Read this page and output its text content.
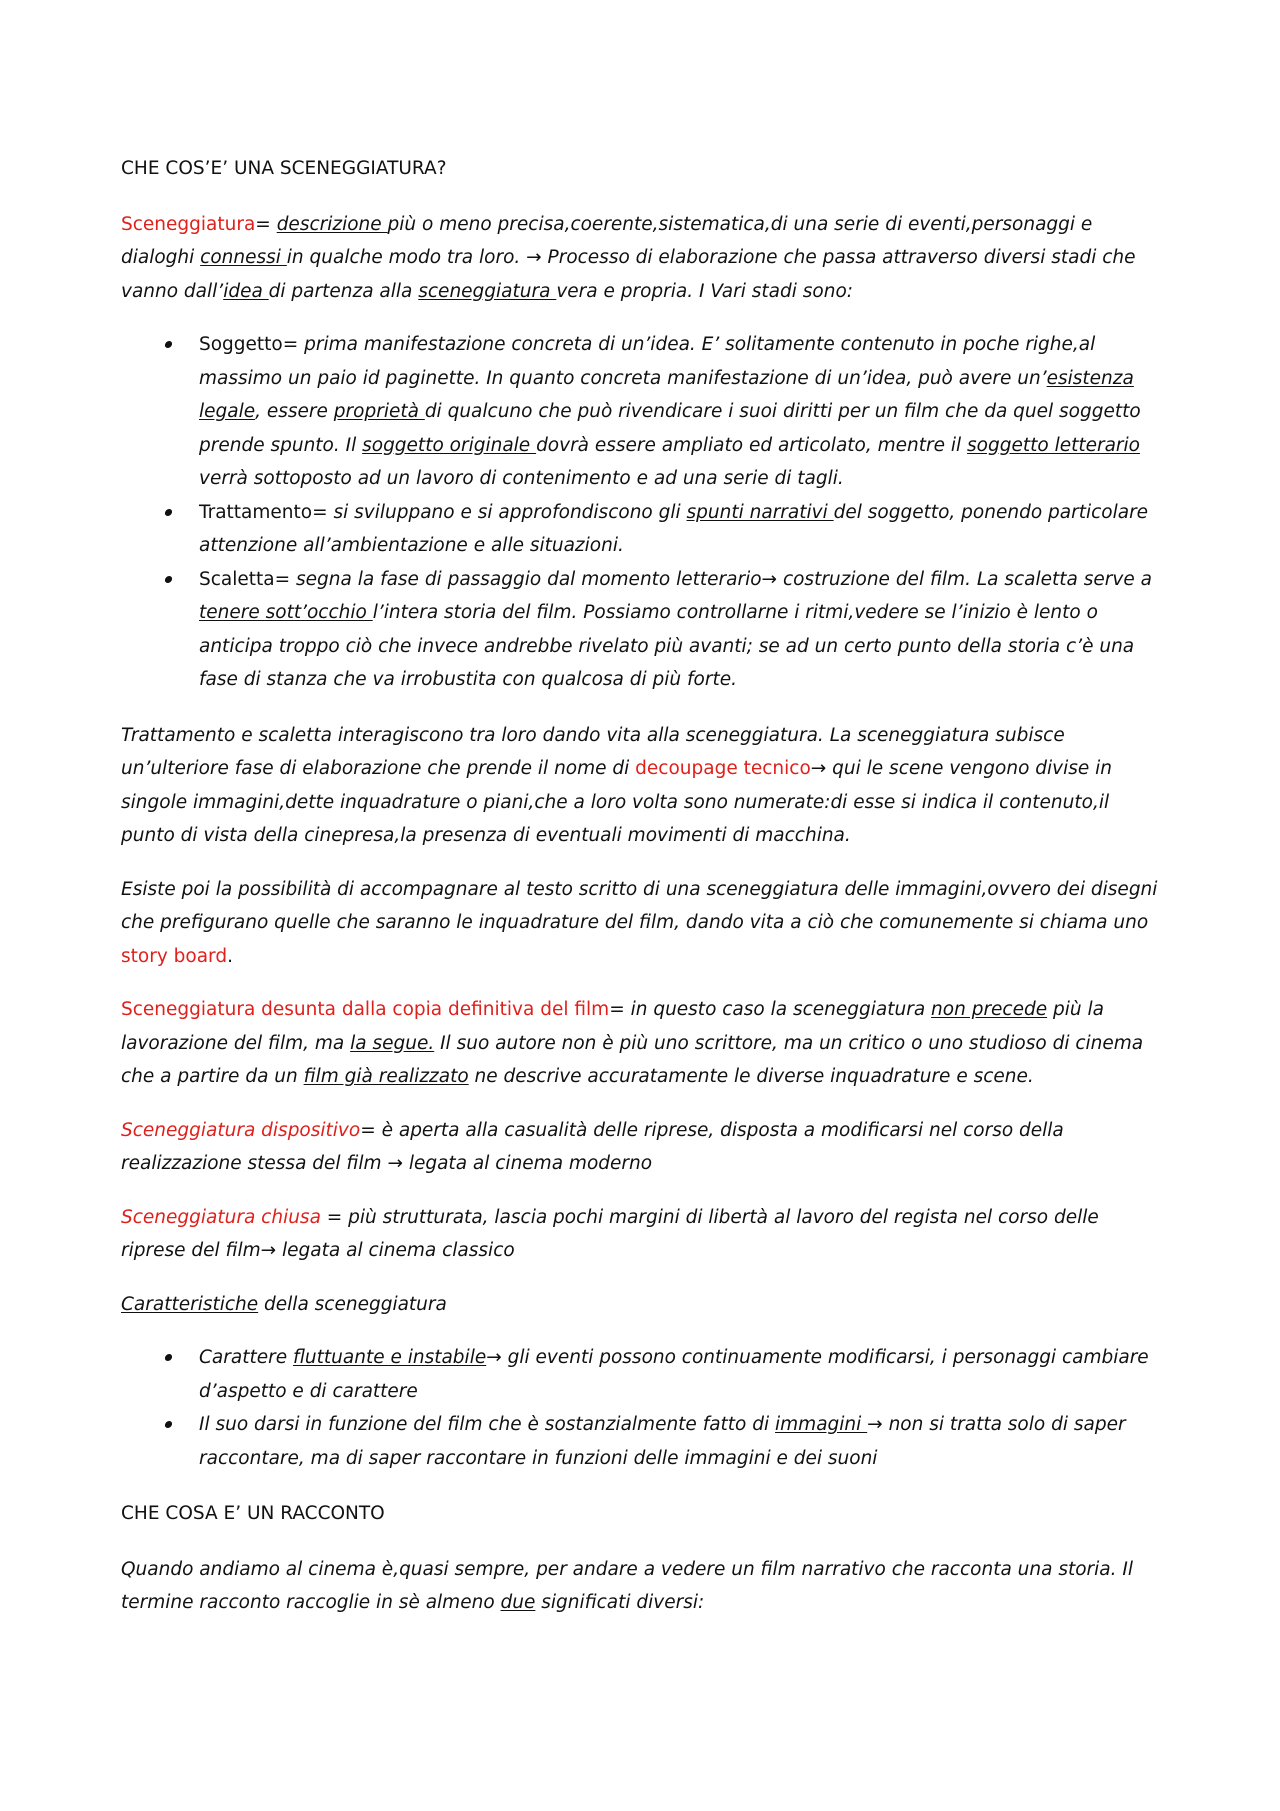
CHE COS’E’ UNA SCENEGGIATURA?

Sceneggiatura= descrizione più o meno precisa,coerente,sistematica,di una serie di eventi,personaggi e dialoghi connessi in qualche modo tra loro. → Processo di elaborazione che passa attraverso diversi stadi che vanno dall’idea di partenza alla sceneggiatura vera e propria. I Vari stadi sono:

Soggetto= prima manifestazione concreta di un’idea. E’ solitamente contenuto in poche righe,al massimo un paio id paginette. In quanto concreta manifestazione di un’idea, può avere un’esistenza legale, essere proprietà di qualcuno che può rivendicare i suoi diritti per un film che da quel soggetto prende spunto. Il soggetto originale dovrà essere ampliato ed articolato, mentre il soggetto letterario verrà sottoposto ad un lavoro di contenimento e ad una serie di tagli.
Trattamento= si sviluppano e si approfondiscono gli spunti narrativi del soggetto, ponendo particolare attenzione all’ambientazione e alle situazioni.
Scaletta= segna la fase di passaggio dal momento letterario→ costruzione del film. La scaletta serve a tenere sott’occhio l’intera storia del film. Possiamo controllarne i ritmi,vedere se l’inizio è lento o anticipa troppo ciò che invece andrebbe rivelato più avanti; se ad un certo punto della storia c’è una fase di stanza che va irrobustita con qualcosa di più forte.

Trattamento e scaletta interagiscono tra loro dando vita alla sceneggiatura. La sceneggiatura subisce un’ulteriore fase di elaborazione che prende il nome di decoupage tecnico→ qui le scene vengono divise in singole immagini,dette inquadrature o piani,che a loro volta sono numerate:di esse si indica il contenuto,il punto di vista della cinepresa,la presenza di eventuali movimenti di macchina.

Esiste poi la possibilità di accompagnare al testo scritto di una sceneggiatura delle immagini,ovvero dei disegni che prefigurano quelle che saranno le inquadrature del film, dando vita a ciò che comunemente si chiama uno story board.

Sceneggiatura desunta dalla copia definitiva del film= in questo caso la sceneggiatura non precede più la lavorazione del film, ma la segue. Il suo autore non è più uno scrittore, ma un critico o uno studioso di cinema che a partire da un film già realizzato ne descrive accuratamente le diverse inquadrature e scene.

Sceneggiatura dispositivo= è aperta alla casualità delle riprese, disposta a modificarsi nel corso della realizzazione stessa del film → legata al cinema moderno

Sceneggiatura chiusa = più strutturata, lascia pochi margini di libertà al lavoro del regista nel corso delle riprese del film→ legata al cinema classico

Caratteristiche della sceneggiatura

Carattere fluttuante e instabile→ gli eventi possono continuamente modificarsi, i personaggi cambiare d’aspetto e di carattere
Il suo darsi in funzione del film che è sostanzialmente fatto di immagini → non si tratta solo di saper raccontare, ma di saper raccontare in funzioni delle immagini e dei suoni

CHE COSA E’ UN RACCONTO

Quando andiamo al cinema è,quasi sempre, per andare a vedere un film narrativo che racconta una storia. Il termine racconto raccoglie in sè almeno due significati diversi:
